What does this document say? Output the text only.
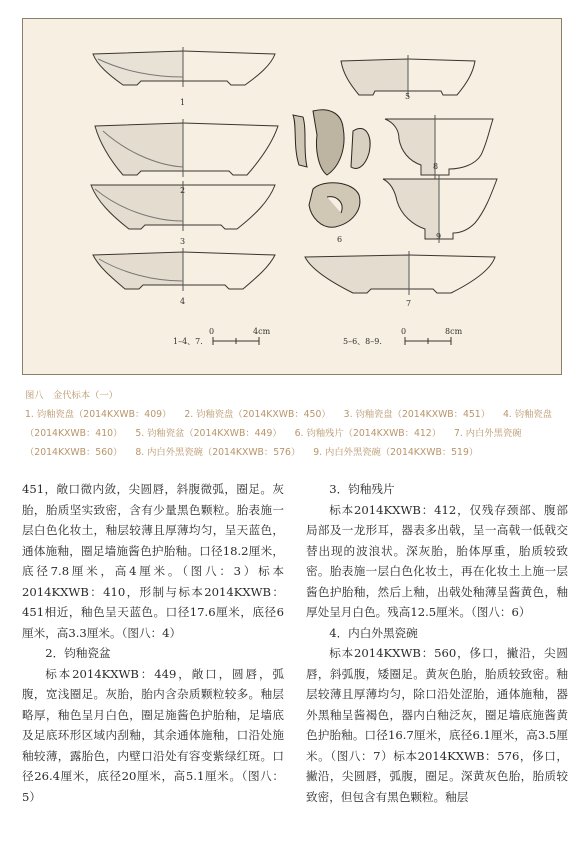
1
2
3
4
5
6
7
8
9
1–4、7.
0	4cm
5–6、8–9.
0	8cm
图八　金代标本（一）
1. 钧釉瓷盘（2014KXWB：409） 2. 钧釉瓷盘（2014KXWB：450） 3. 钧釉瓷盘（2014KXWB：451） 4. 钧釉瓷盘（2014KXWB：410） 5. 钧釉瓷盆（2014KXWB：449） 6. 钧釉残片（2014KXWB：412） 7. 内白外黑瓷碗（2014KXWB：560） 8. 内白外黑瓷碗（2014KXWB：576） 9. 内白外黑瓷碗（2014KXWB：519）

451，敞口微内敛，尖圆唇，斜腹微弧，圈足。灰胎，胎质坚实致密，含有少量黑色颗粒。胎表施一层白色化妆土，釉层较薄且厚薄均匀，呈天蓝色，通体施釉，圈足墙施酱色护胎釉。口径18.2厘米，底径7.8厘米，高4厘米。（图八：3）标本2014KXWB：410，形制与标本2014KXWB：451相近，釉色呈天蓝色。口径17.6厘米，底径6厘米，高3.3厘米。（图八：4）

2．钧釉瓷盆

标本2014KXWB：449，敞口，圆唇，弧腹，宽浅圈足。灰胎，胎内含杂质颗粒较多。釉层略厚，釉色呈月白色，圈足施酱色护胎釉，足墙底及足底环形区域内刮釉，其余通体施釉，口沿处施釉较薄，露胎色，内壁口沿处有容变紫绿红斑。口径26.4厘米，底径20厘米，高5.1厘米。（图八：5）

3．钧釉残片

标本2014KXWB：412，仅残存颈部、腹部局部及一龙形耳，器表多出戟，呈一高戟一低戟交替出现的波浪状。深灰胎，胎体厚重，胎质较致密。胎表施一层白色化妆土，再在化妆土上施一层酱色护胎釉，然后上釉，出戟处釉薄呈酱黄色，釉厚处呈月白色。残高12.5厘米。（图八：6）

4．内白外黑瓷碗

标本2014KXWB：560，侈口，撇沿，尖圆唇，斜弧腹，矮圈足。黄灰色胎，胎质较致密。釉层较薄且厚薄均匀，除口沿处涩胎，通体施釉，器外黑釉呈酱褐色，器内白釉泛灰，圈足墙底施酱黄色护胎釉。口径16.7厘米，底径6.1厘米，高3.5厘米。（图八：7）标本2014KXWB：576，侈口，撇沿，尖圆唇，弧腹，圈足。深黄灰色胎，胎质较致密，但包含有黑色颗粒。釉层
